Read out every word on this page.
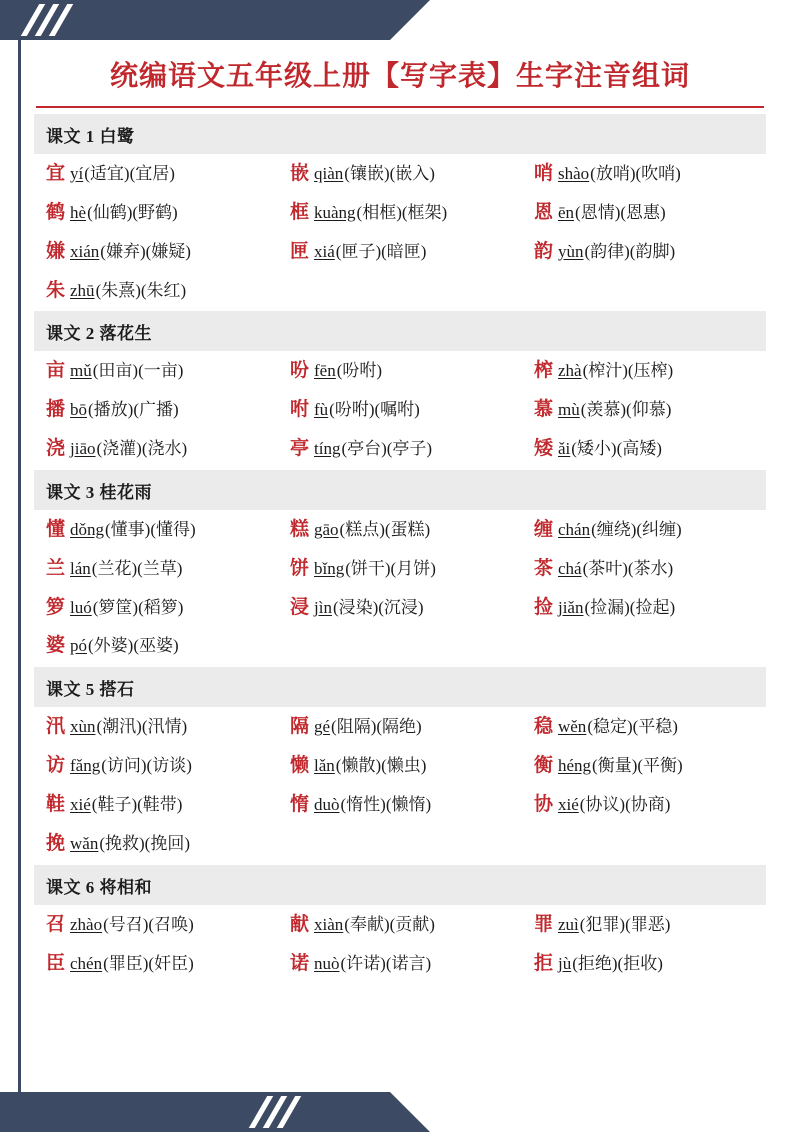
统编语文五年级上册【写字表】生字注音组词
课文 1 白鹭
宜 yí (适宜)(宜居)	嵌 qiàn (镶嵌)(嵌入)	哨 shào (放哨)(吹哨)
鹤 hè (仙鹤)(野鹤)	框 kuàng (相框)(框架)	恩 ēn (恩情)(恩惠)
嫌 xián (嫌弃)(嫌疑)	匣 xiá (匣子)(暗匣)	韵 yùn (韵律)(韵脚)
朱 zhū (朱熹)(朱红)
课文 2 落花生
亩 mǔ (田亩)(一亩)	吩 fēn (吩咐)	榨 zhà (榨汁)(压榨)
播 bō (播放)(广播)	咐 fù (吩咐)(嘱咐)	慕 mù (羡慕)(仰慕)
浇 jiāo (浇灌)(浇水)	亭 tíng (亭台)(亭子)	矮 ǎi (矮小)(高矮)
课文 3 桂花雨
懂 dǒng (懂事)(懂得)	糕 gāo (糕点)(蛋糕)	缠 chán (缠绕)(纠缠)
兰 lán (兰花)(兰草)	饼 bǐng (饼干)(月饼)	茶 chá (茶叶)(茶水)
箩 luó (箩筐)(稻箩)	浸 jìn (浸染)(沉浸)	捡 jiǎn (捡漏)(捡起)
婆 pó (外婆)(巫婆)
课文 5 搭石
汛 xùn (潮汛)(汛情)	隔 gé (阻隔)(隔绝)	稳 wěn (稳定)(平稳)
访 fǎng (访问)(访谈)	懒 lǎn (懒散)(懒虫)	衡 héng (衡量)(平衡)
鞋 xié (鞋子)(鞋带)	惰 duò (惰性)(懒惰)	协 xié (协议)(协商)
挽 wǎn (挽救)(挽回)
课文 6 将相和
召 zhào (号召)(召唤)	献 xiàn (奉献)(贡献)	罪 zuì (犯罪)(罪恶)
臣 chén (罪臣)(奸臣)	诺 nuò (许诺)(诺言)	拒 jù (拒绝)(拒收)
